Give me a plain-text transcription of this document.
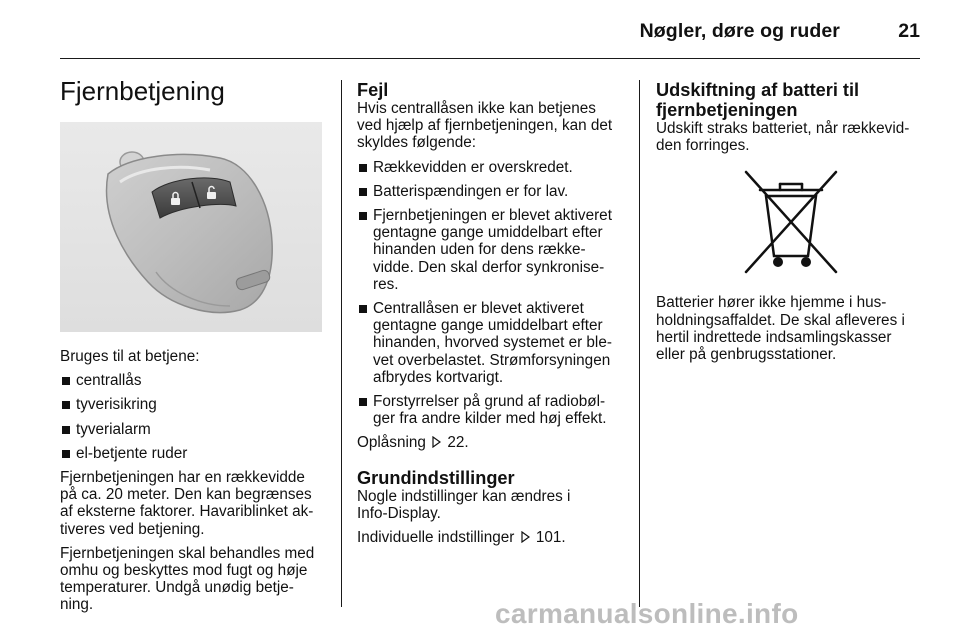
Nøgler, døre og ruder	21
Fjernbetjening

Bruges til at betjene:

centrallås
tyverisikring
tyverialarm
el-betjente ruder

Fjernbetjeningen har en rækkevidde
på ca. 20 meter. Den kan begrænses
af eksterne faktorer. Havariblinket ak-
tiveres ved betjening.

Fjernbetjeningen skal behandles med
omhu og beskyttes mod fugt og høje
temperaturer. Undgå unødig betje-
ning.

Fejl

Hvis centrallåsen ikke kan betjenes
ved hjælp af fjernbetjeningen, kan det
skyldes følgende:

Rækkevidden er overskredet.
Batterispændingen er for lav.
Fjernbetjeningen er blevet aktiveret
gentagne gange umiddelbart efter
hinanden uden for dens række-
vidde. Den skal derfor synkronise-
res.
Centrallåsen er blevet aktiveret
gentagne gange umiddelbart efter
hinanden, hvorved systemet er ble-
vet overbelastet. Strømforsyningen
afbrydes kortvarigt.
Forstyrrelser på grund af radiobøl-
ger fra andre kilder med høj effekt.

Oplåsning 22.

Grundindstillinger

Nogle indstillinger kan ændres i
Info-Display.

Individuelle indstillinger 101.

Udskiftning af batteri til
fjernbetjeningen

Udskift straks batteriet, når rækkevid-
den forringes.

Batterier hører ikke hjemme i hus-
holdningsaffaldet. De skal afleveres i
hertil indrettede indsamlingskasser
eller på genbrugsstationer.

carmanualsonline.info
